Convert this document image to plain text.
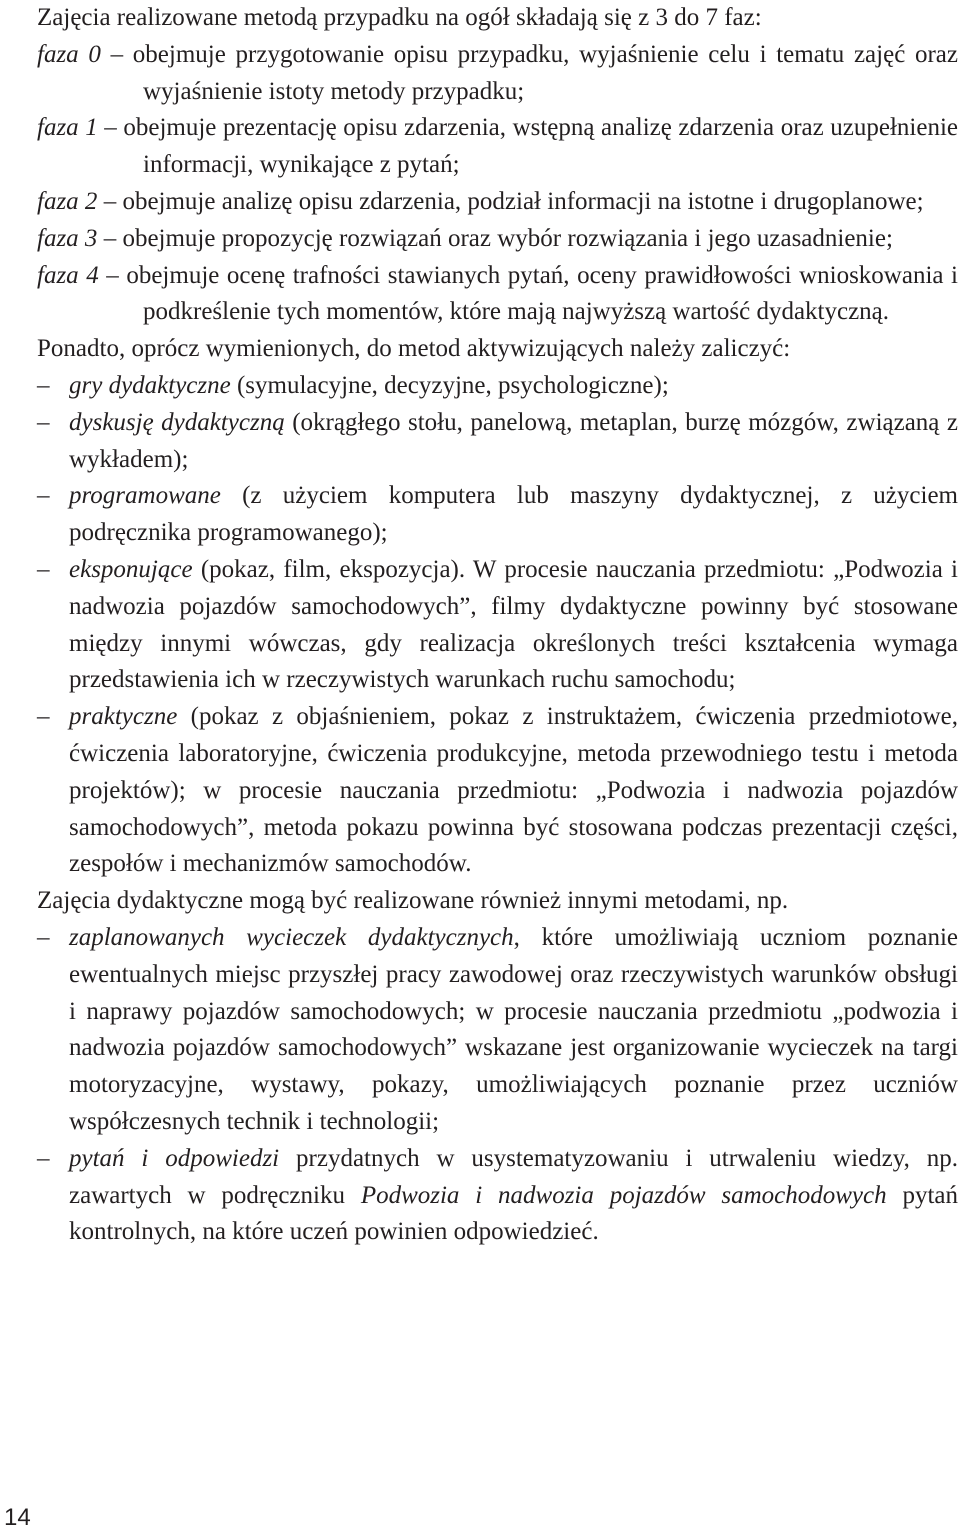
Zajęcia realizowane metodą przypadku na ogół składają się z 3 do 7 faz:

faza 0 – obejmuje przygotowanie opisu przypadku, wyjaśnienie celu i tematu zajęć oraz wyjaśnienie istoty metody przypadku;

faza 1 – obejmuje prezentację opisu zdarzenia, wstępną analizę zdarzenia oraz uzupełnienie informacji, wynikające z pytań;

faza 2 – obejmuje analizę opisu zdarzenia, podział informacji na istotne i drugoplanowe;

faza 3 – obejmuje propozycję rozwiązań oraz wybór rozwiązania i jego uzasadnienie;

faza 4 – obejmuje ocenę trafności stawianych pytań, oceny prawidłowości wnioskowania i podkreślenie tych momentów, które mają najwyższą wartość dydaktyczną.

Ponadto, oprócz wymienionych, do metod aktywizujących należy zaliczyć:

– gry dydaktyczne (symulacyjne, decyzyjne, psychologiczne);

– dyskusję dydaktyczną (okrągłego stołu, panelową, metaplan, burzę mózgów, związaną z wykładem);

– programowane (z użyciem komputera lub maszyny dydaktycznej, z użyciem podręcznika programowanego);

– eksponujące (pokaz, film, ekspozycja). W procesie nauczania przedmiotu: „Podwozia i nadwozia pojazdów samochodowych”, filmy dydaktyczne powinny być stosowane między innymi wówczas, gdy realizacja określonych treści kształcenia wymaga przedstawienia ich w rzeczywistych warunkach ruchu samochodu;

– praktyczne (pokaz z objaśnieniem, pokaz z instruktażem, ćwiczenia przedmiotowe, ćwiczenia laboratoryjne, ćwiczenia produkcyjne, metoda przewodniego testu i metoda projektów); w procesie nauczania przedmiotu: „Podwozia i nadwozia pojazdów samochodowych”, metoda pokazu powinna być stosowana podczas prezentacji części, zespołów i mechanizmów samochodów.

Zajęcia dydaktyczne mogą być realizowane również innymi metodami, np.

– zaplanowanych wycieczek dydaktycznych, które umożliwiają uczniom poznanie ewentualnych miejsc przyszłej pracy zawodowej oraz rzeczywistych warunków obsługi i naprawy pojazdów samochodowych; w procesie nauczania przedmiotu „podwozia i nadwozia pojazdów samochodowych” wskazane jest organizowanie wycieczek na targi motoryzacyjne, wystawy, pokazy, umożliwiających poznanie przez uczniów współczesnych technik i technologii;

– pytań i odpowiedzi przydatnych w usystematyzowaniu i utrwaleniu wiedzy, np. zawartych w podręczniku Podwozia i nadwozia pojazdów samochodowych pytań kontrolnych, na które uczeń powinien odpowiedzieć.

14
